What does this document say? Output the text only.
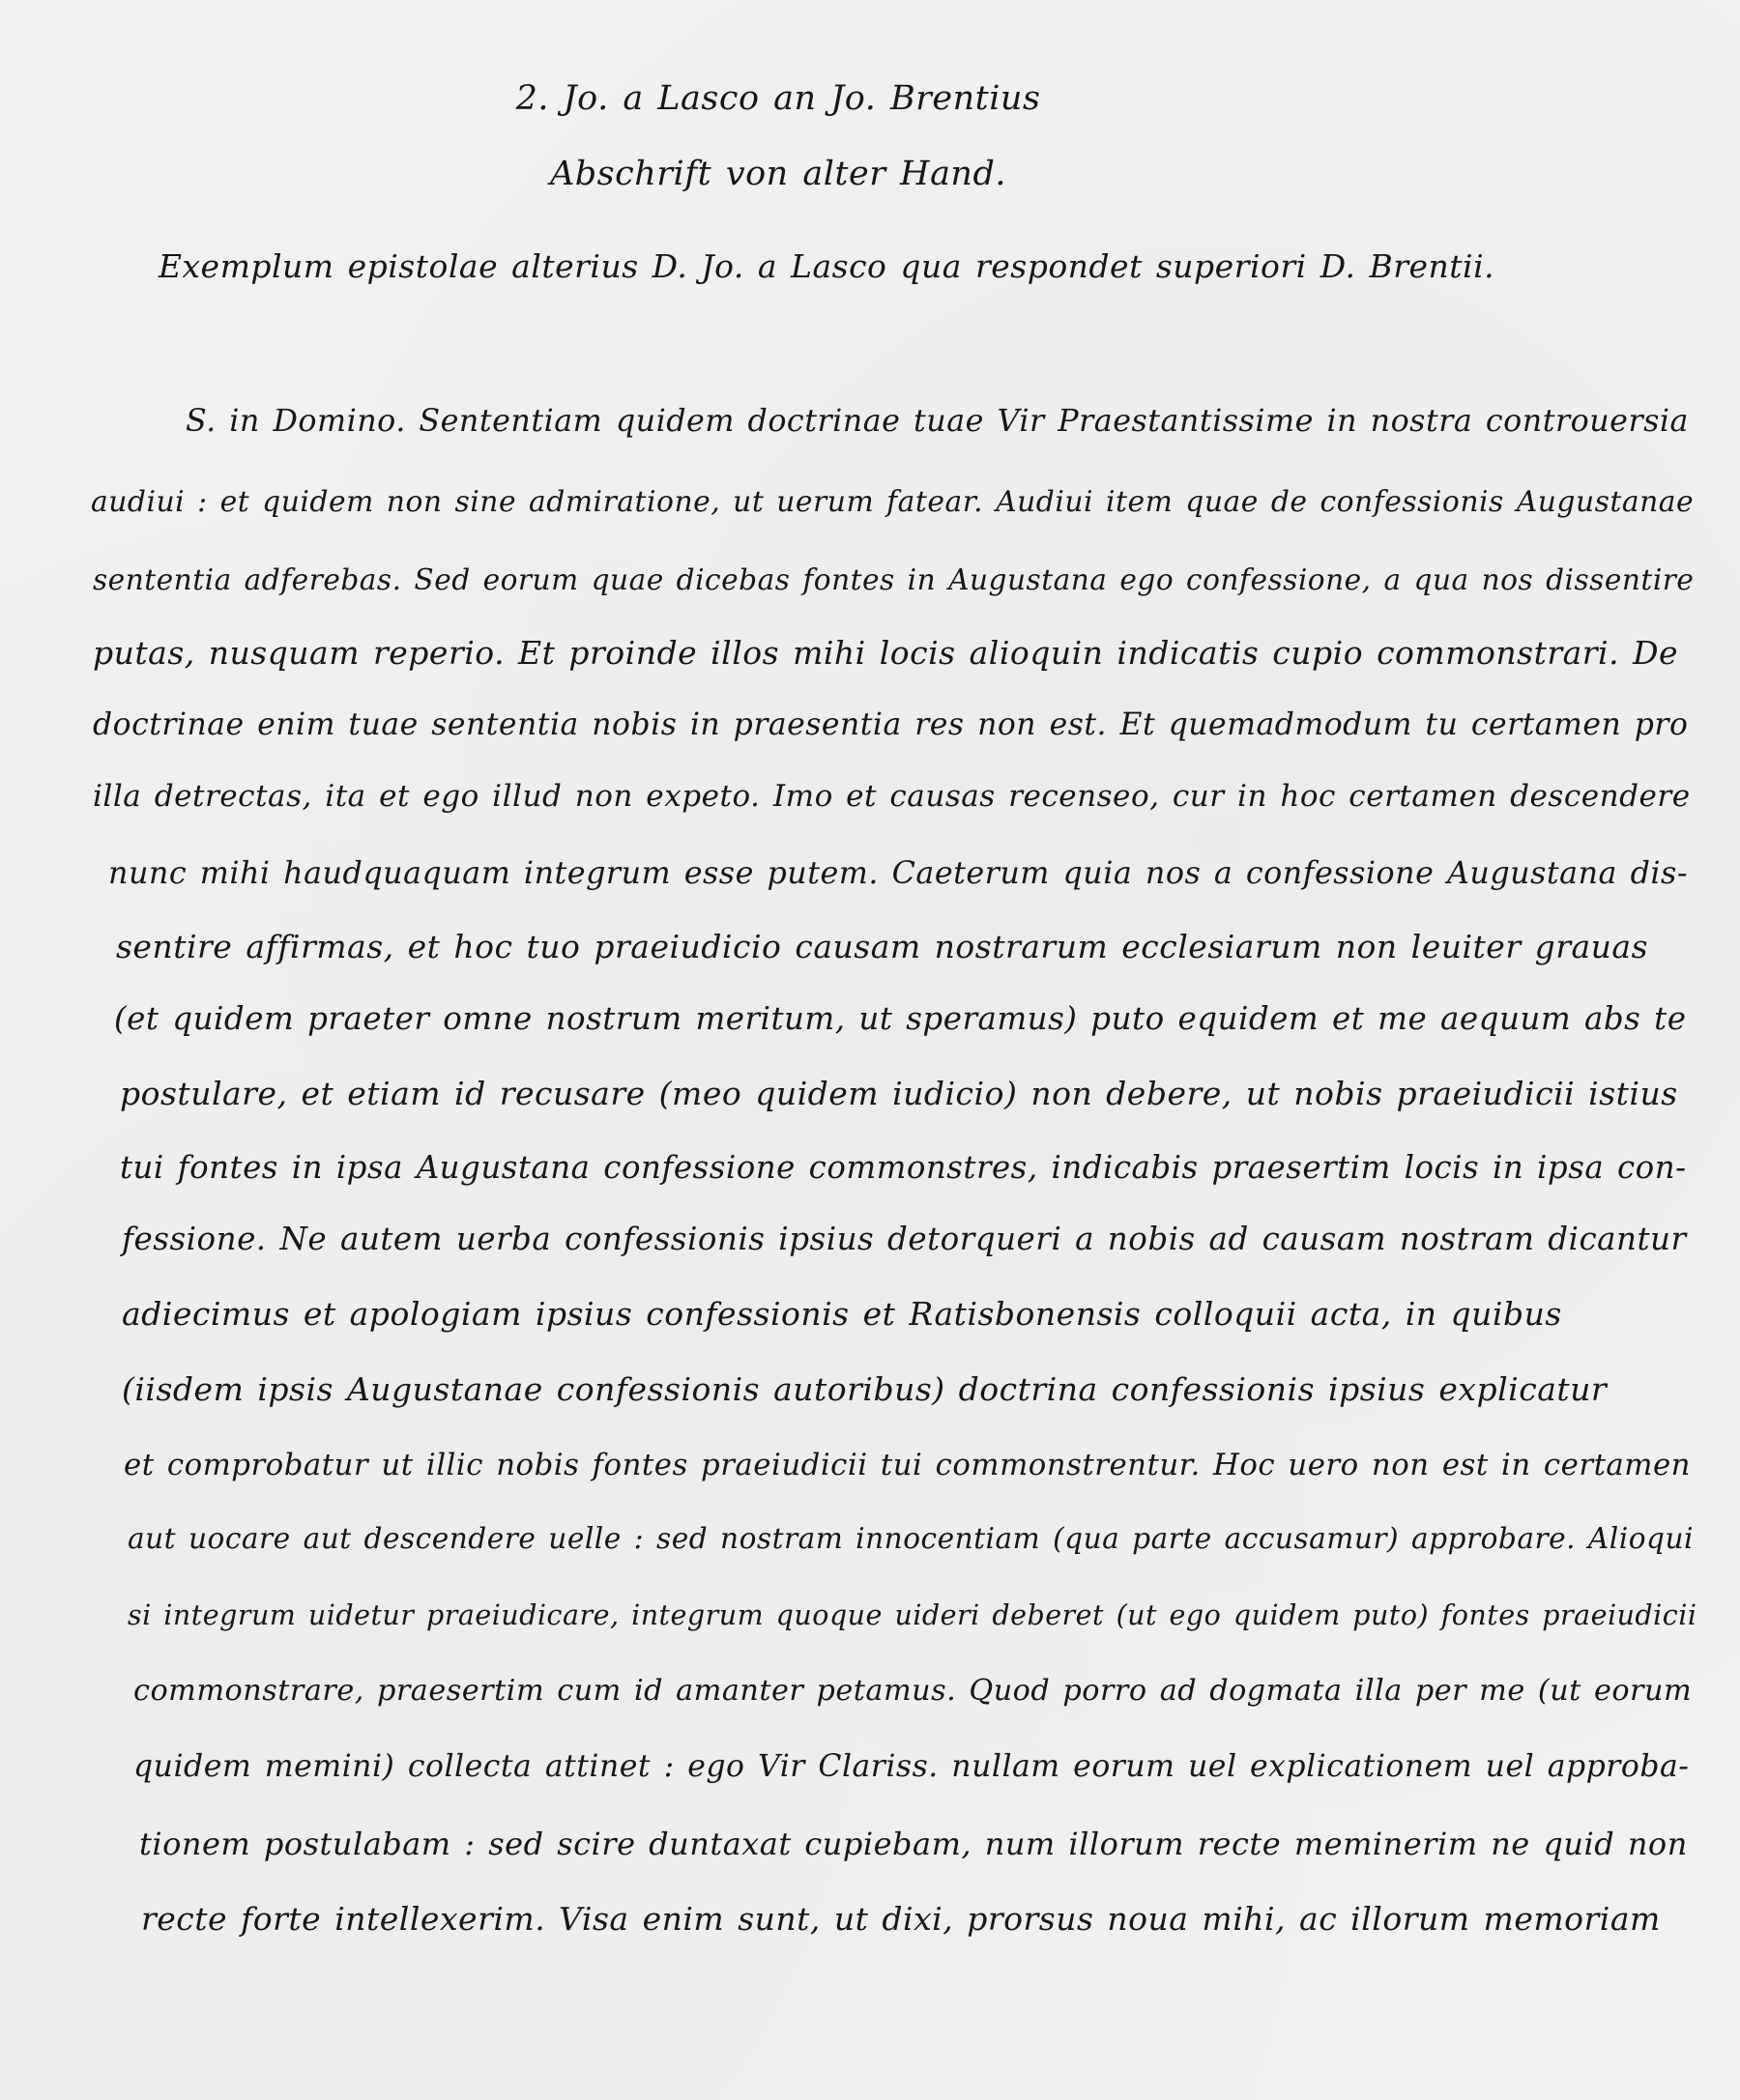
2. Jo. a Lasco an Jo. Brentius
Abschrift von alter Hand.
Exemplum epistolae alterius D. Jo. a Lasco qua respondet superiori D. Brentii.
S. in Domino. Sententiam quidem doctrinae tuae Vir Praestantissime in nostra controuersia
audiui : et quidem non sine admiratione, ut uerum fatear. Audiui item quae de confessionis Augustanae
sententia adferebas. Sed eorum quae dicebas fontes in Augustana ego confessione, a qua nos dissentire
putas, nusquam reperio. Et proinde illos mihi locis alioquin indicatis cupio commonstrari. De
doctrinae enim tuae sententia nobis in praesentia res non est. Et quemadmodum tu certamen pro
illa detrectas, ita et ego illud non expeto. Imo et causas recenseo, cur in hoc certamen descendere
nunc mihi haudquaquam integrum esse putem. Caeterum quia nos a confessione Augustana dis-
sentire affirmas, et hoc tuo praeiudicio causam nostrarum ecclesiarum non leuiter grauas
(et quidem praeter omne nostrum meritum, ut speramus) puto equidem et me aequum abs te
postulare, et etiam id recusare (meo quidem iudicio) non debere, ut nobis praeiudicii istius
tui fontes in ipsa Augustana confessione commonstres, indicabis praesertim locis in ipsa con-
fessione. Ne autem uerba confessionis ipsius detorqueri a nobis ad causam nostram dicantur
adiecimus et apologiam ipsius confessionis et Ratisbonensis colloquii acta, in quibus
(iisdem ipsis Augustanae confessionis autoribus) doctrina confessionis ipsius explicatur
et comprobatur ut illic nobis fontes praeiudicii tui commonstrentur. Hoc uero non est in certamen
aut uocare aut descendere uelle : sed nostram innocentiam (qua parte accusamur) approbare. Alioqui
si integrum uidetur praeiudicare, integrum quoque uideri deberet (ut ego quidem puto) fontes praeiudicii
commonstrare, praesertim cum id amanter petamus. Quod porro ad dogmata illa per me (ut eorum
quidem memini) collecta attinet : ego Vir Clariss. nullam eorum uel explicationem uel approba-
tionem postulabam : sed scire duntaxat cupiebam, num illorum recte meminerim ne quid non
recte forte intellexerim. Visa enim sunt, ut dixi, prorsus noua mihi, ac illorum memoriam
